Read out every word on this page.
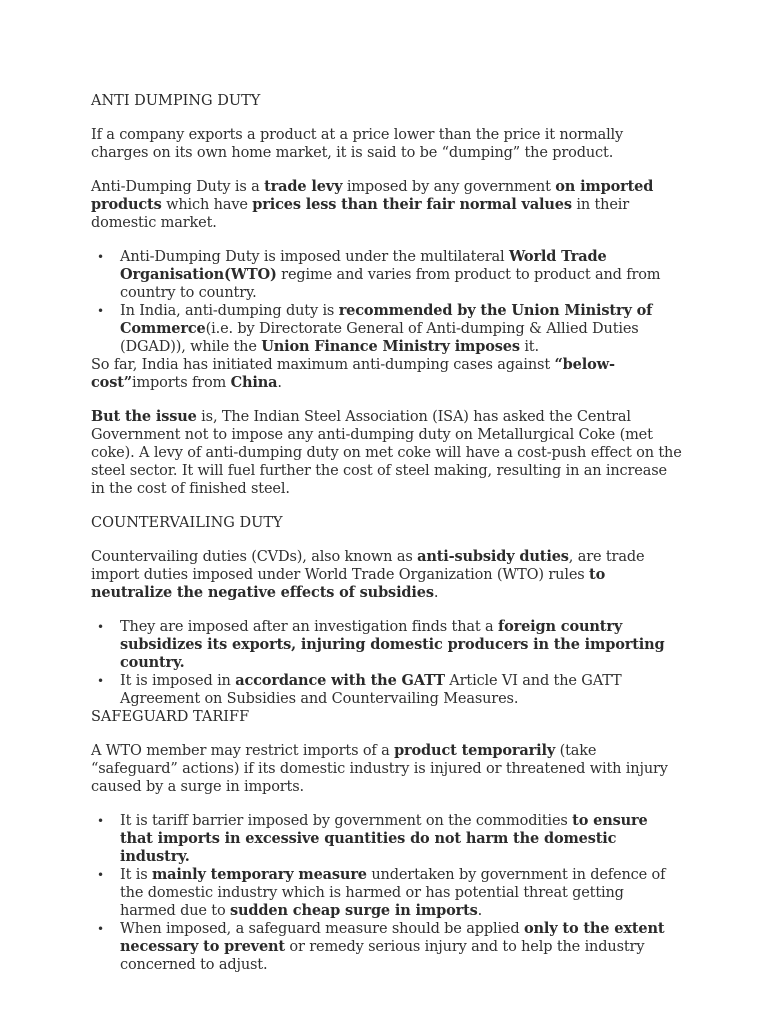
ANTI DUMPING DUTY

If a company exports a product at a price lower than the price it normally charges on its own home market, it is said to be “dumping” the product.

Anti-Dumping Duty is a trade levy imposed by any government on imported products which have prices less than their fair normal values in their domestic market.

• Anti-Dumping Duty is imposed under the multilateral World Trade Organisation(WTO) regime and varies from product to product and from country to country.
• In India, anti-dumping duty is recommended by the Union Ministry of Commerce(i.e. by Directorate General of Anti-dumping & Allied Duties (DGAD)), while the Union Finance Ministry imposes it.

So far, India has initiated maximum anti-dumping cases against “below-cost”imports from China.

But the issue is, The Indian Steel Association (ISA) has asked the Central Government not to impose any anti-dumping duty on Metallurgical Coke (met coke). A levy of anti-dumping duty on met coke will have a cost-push effect on the steel sector. It will fuel further the cost of steel making, resulting in an increase in the cost of finished steel.

COUNTERVAILING DUTY

Countervailing duties (CVDs), also known as anti-subsidy duties, are trade import duties imposed under World Trade Organization (WTO) rules to neutralize the negative effects of subsidies.

• They are imposed after an investigation finds that a foreign country subsidizes its exports, injuring domestic producers in the importing country.
• It is imposed in accordance with the GATT Article VI and the GATT Agreement on Subsidies and Countervailing Measures.
SAFEGUARD TARIFF

A WTO member may restrict imports of a product temporarily (take “safeguard” actions) if its domestic industry is injured or threatened with injury caused by a surge in imports.

• It is tariff barrier imposed by government on the commodities to ensure that imports in excessive quantities do not harm the domestic industry.
• It is mainly temporary measure undertaken by government in defence of the domestic industry which is harmed or has potential threat getting harmed due to sudden cheap surge in imports.
• When imposed, a safeguard measure should be applied only to the extent necessary to prevent or remedy serious injury and to help the industry concerned to adjust.
